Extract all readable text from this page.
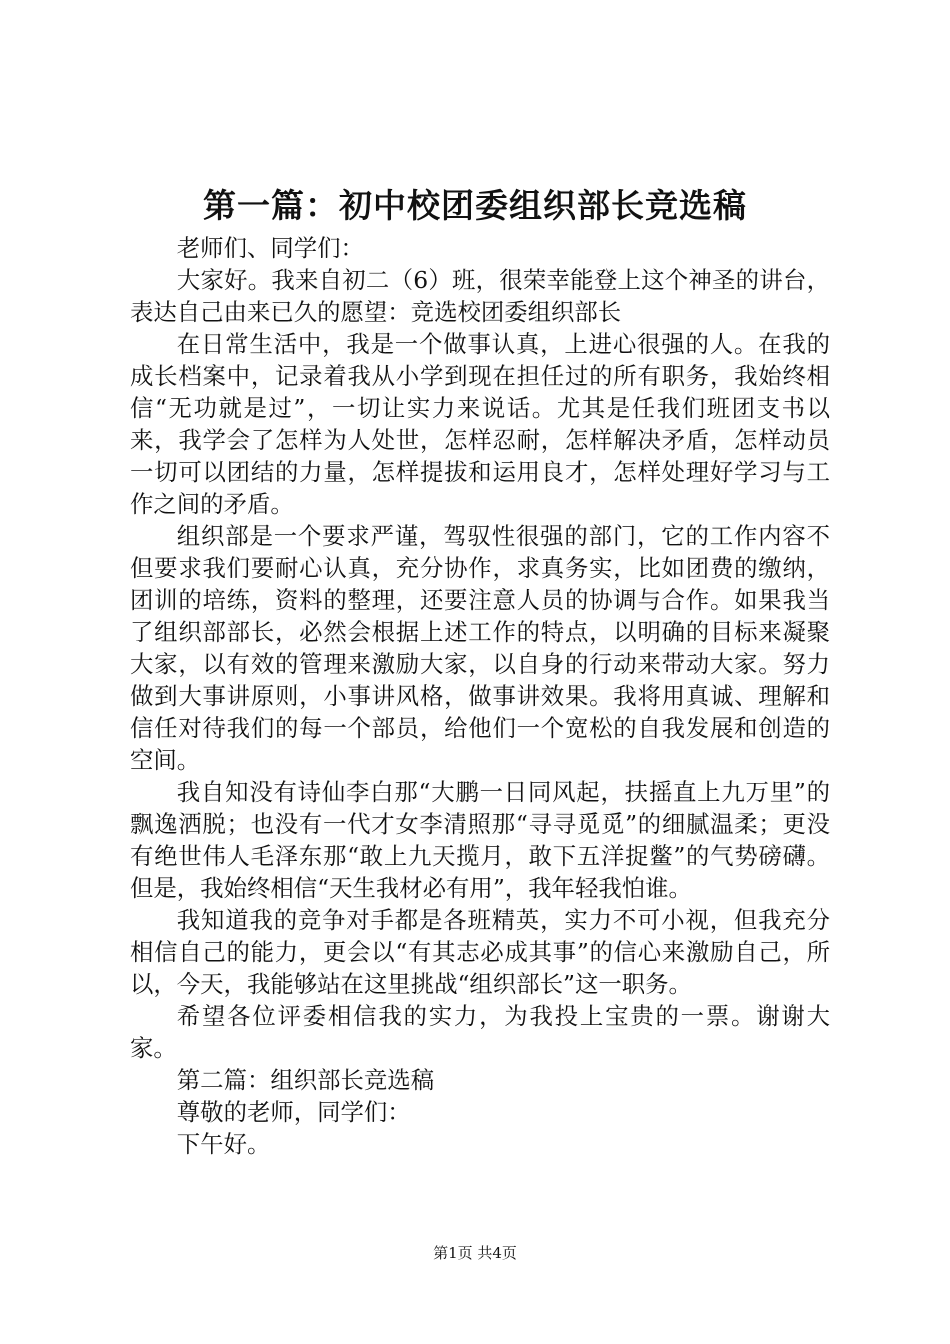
第一篇：初中校团委组织部长竞选稿

老师们、同学们：

大家好。我来自初二（6）班，很荣幸能登上这个神圣的讲台，表达自己由来已久的愿望：竞选校团委组织部长

在日常生活中，我是一个做事认真，上进心很强的人。在我的成长档案中，记录着我从小学到现在担任过的所有职务，我始终相信“无功就是过”，一切让实力来说话。尤其是任我们班团支书以来，我学会了怎样为人处世，怎样忍耐，怎样解决矛盾，怎样动员一切可以团结的力量，怎样提拔和运用良才，怎样处理好学习与工作之间的矛盾。

组织部是一个要求严谨，驾驭性很强的部门，它的工作内容不但要求我们要耐心认真，充分协作，求真务实，比如团费的缴纳，团训的培练，资料的整理，还要注意人员的协调与合作。如果我当了组织部部长，必然会根据上述工作的特点，以明确的目标来凝聚大家，以有效的管理来激励大家，以自身的行动来带动大家。努力做到大事讲原则，小事讲风格，做事讲效果。我将用真诚、理解和信任对待我们的每一个部员，给他们一个宽松的自我发展和创造的空间。

我自知没有诗仙李白那“大鹏一日同风起，扶摇直上九万里”的飘逸洒脱；也没有一代才女李清照那“寻寻觅觅”的细腻温柔；更没有绝世伟人毛泽东那“敢上九天揽月，敢下五洋捉鳖”的气势磅礴。但是，我始终相信“天生我材必有用”，我年轻我怕谁。

我知道我的竞争对手都是各班精英，实力不可小视，但我充分相信自己的能力，更会以“有其志必成其事”的信心来激励自己，所以，今天，我能够站在这里挑战“组织部长”这一职务。

希望各位评委相信我的实力，为我投上宝贵的一票。谢谢大家。

第二篇：组织部长竞选稿

尊敬的老师，同学们：

下午好。

第1页 共4页
